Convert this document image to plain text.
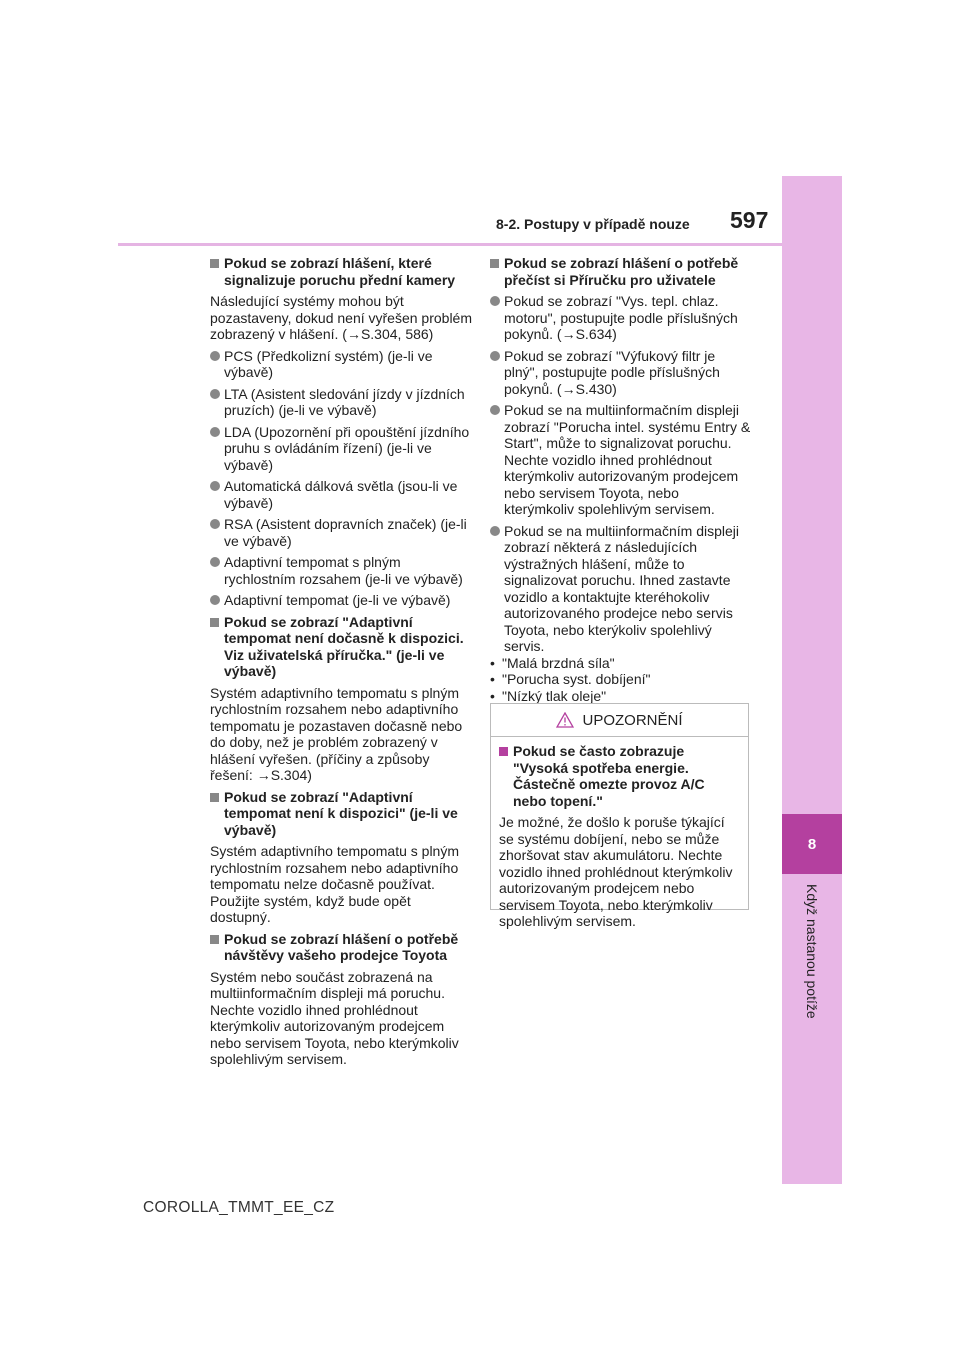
8
Když nastanou potíže
8-2. Postupy v případě nouze 597
Pokud se zobrazí hlášení, které signalizuje poruchu přední kamery

Následující systémy mohou být pozastaveny, dokud není vyřešen problém zobrazený v hlášení. (→S.304, 586)

PCS (Předkolizní systém) (je-li ve výbavě)
LTA (Asistent sledování jízdy v jízdních pruzích) (je-li ve výbavě)
LDA (Upozornění při opouštění jízdního pruhu s ovládáním řízení) (je-li ve výbavě)
Automatická dálková světla (jsou-li ve výbavě)
RSA (Asistent dopravních značek) (je-li ve výbavě)
Adaptivní tempomat s plným rychlostním rozsahem (je-li ve výbavě)
Adaptivní tempomat (je-li ve výbavě)
Pokud se zobrazí "Adaptivní tempomat není dočasně k dispozici. Viz uživatelská příručka." (je-li ve výbavě)

Systém adaptivního tempomatu s plným rychlostním rozsahem nebo adaptivního tempomatu je pozastaven dočasně nebo do doby, než je problém zobrazený v hlášení vyřešen. (příčiny a způsoby řešení: →S.304)

Pokud se zobrazí "Adaptivní tempomat není k dispozici" (je-li ve výbavě)

Systém adaptivního tempomatu s plným rychlostním rozsahem nebo adaptivního tempomatu nelze dočasně používat. Použijte systém, když bude opět dostupný.

Pokud se zobrazí hlášení o potřebě návštěvy vašeho prodejce Toyota

Systém nebo součást zobrazená na multiinformačním displeji má poruchu. Nechte vozidlo ihned prohlédnout kterýmkoliv autorizovaným prodejcem nebo servisem Toyota, nebo kterýmkoliv spolehlivým servisem.

Pokud se zobrazí hlášení o potřebě přečíst si Příručku pro uživatele
Pokud se zobrazí "Vys. tepl. chlaz. motoru", postupujte podle příslušných pokynů. (→S.634)
Pokud se zobrazí "Výfukový filtr je plný", postupujte podle příslušných pokynů. (→S.430)
Pokud se na multiinformačním displeji zobrazí "Porucha intel. systému Entry & Start", může to signalizovat poruchu. Nechte vozidlo ihned prohlédnout kterýmkoliv autorizovaným prodejcem nebo servisem Toyota, nebo kterýmkoliv spolehlivým servisem.
Pokud se na multiinformačním displeji zobrazí některá z následujících výstražných hlášení, může to signalizovat poruchu. Ihned zastavte vozidlo a kontaktujte kteréhokoliv autorizovaného prodejce nebo servis Toyota, nebo kterýkoliv spolehlivý servis.
• "Malá brzdná síla"
• "Porucha syst. dobíjení"
• "Nízký tlak oleje"
UPOZORNĚNÍ
Pokud se často zobrazuje "Vysoká spotřeba energie. Částečně omezte provoz A/C nebo topení."

Je možné, že došlo k poruše týkající se systému dobíjení, nebo se může zhoršovat stav akumulátoru. Nechte vozidlo ihned prohlédnout kterýmkoliv autorizovaným prodejcem nebo servisem Toyota, nebo kterýmkoliv spolehlivým servisem.

COROLLA_TMMT_EE_CZ
